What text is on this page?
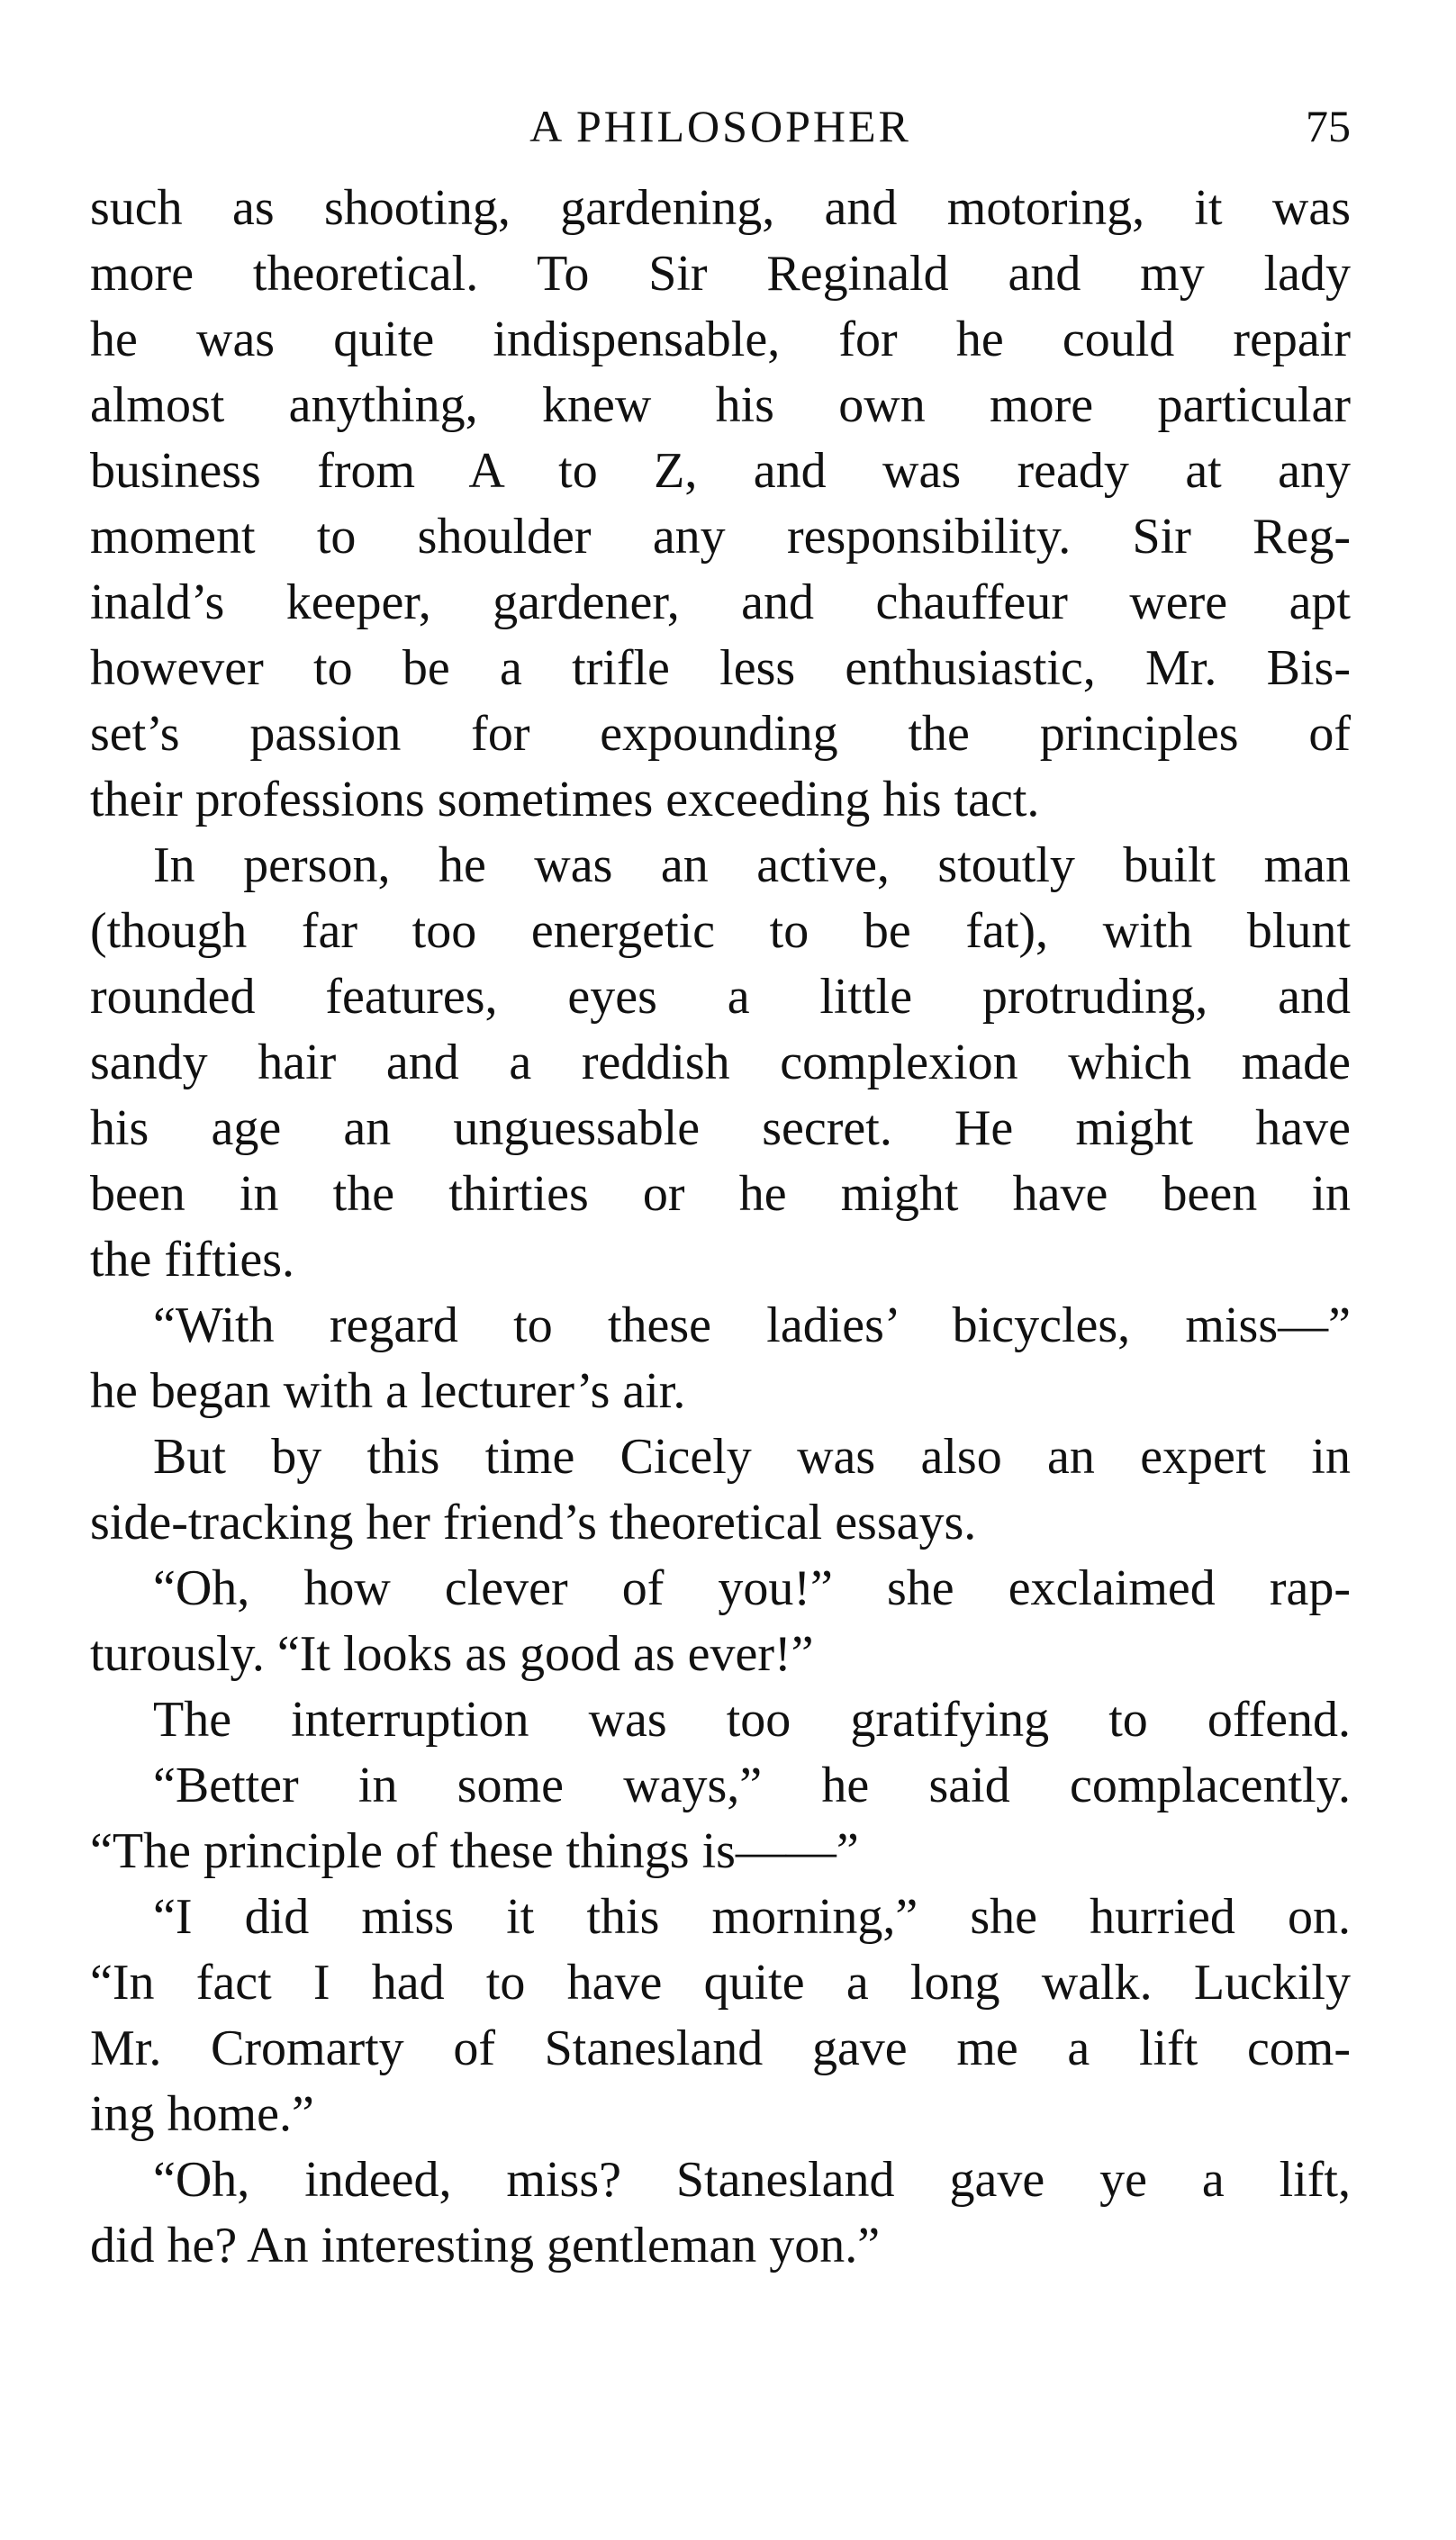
A PHILOSOPHER	75
such as shooting, gardening, and motoring, it was
more theoretical. To Sir Reginald and my lady
he was quite indispensable, for he could repair
almost anything, knew his own more particular
business from A to Z, and was ready at any
moment to shoulder any responsibility. Sir Reg-
inald’s keeper, gardener, and chauffeur were apt
however to be a trifle less enthusiastic, Mr. Bis-
set’s passion for expounding the principles of
their professions sometimes exceeding his tact.
In person, he was an active, stoutly built man
(though far too energetic to be fat), with blunt
rounded features, eyes a little protruding, and
sandy hair and a reddish complexion which made
his age an unguessable secret. He might have
been in the thirties or he might have been in
the fifties.
“With regard to these ladies’ bicycles, miss—”
he began with a lecturer’s air.
But by this time Cicely was also an expert in
side-tracking her friend’s theoretical essays.
“Oh, how clever of you!” she exclaimed rap-
turously. “It looks as good as ever!”
The interruption was too gratifying to offend.
“Better in some ways,” he said complacently.
“The principle of these things is——”
“I did miss it this morning,” she hurried on.
“In fact I had to have quite a long walk. Luckily
Mr. Cromarty of Stanesland gave me a lift com-
ing home.”
“Oh, indeed, miss? Stanesland gave ye a lift,
did he? An interesting gentleman yon.”
